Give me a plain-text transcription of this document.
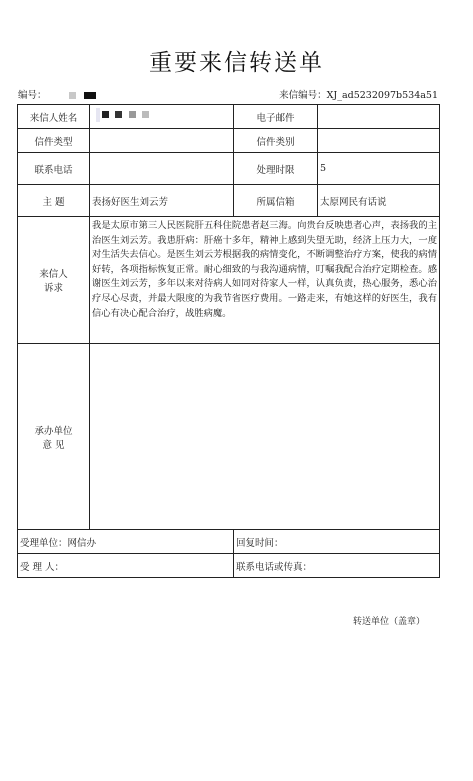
重要来信转送单
编号：	来信编号：XJ_ad5232097b534a51
来信人姓名		电子邮件	
信件类型		信件类别	
联系电话		处理时限	5
主 题	表扬好医生刘云芳	所属信箱	太原网民有话说

来信人
诉求	我是太原市第三人民医院肝五科住院患者赵三海。向贵台反映患者心声，表扬我的主治医生刘云芳。我患肝病：肝癌十多年，精神上感到失望无助，经济上压力大，一度对生活失去信心。是医生刘云芳根据我的病情变化，不断调整治疗方案，使我的病情好转，各项指标恢复正常。耐心细致的与我沟通病情，叮嘱我配合治疗定期检查。感谢医生刘云芳，多年以来对待病人如同对待家人一样，认真负责，热心服务，悉心治疗尽心尽责，并最大限度的为我节省医疗费用。一路走来，有她这样的好医生，我有信心有决心配合治疗，战胜病魔。		

承办单位
意 见			

受理单位：网信办		回复时间：	
受 理 人：		联系电话或传真：	
转送单位（盖章）
